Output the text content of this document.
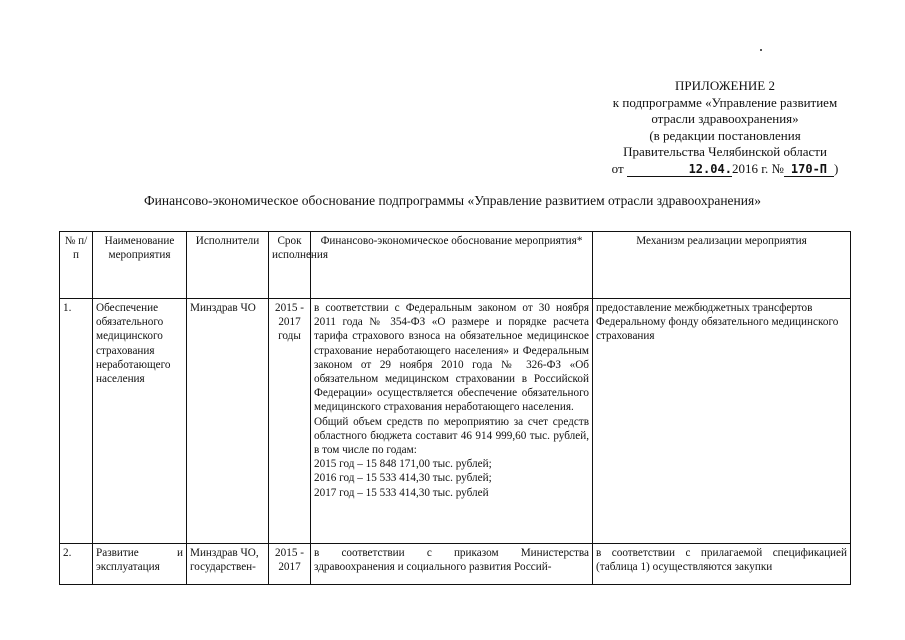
ПРИЛОЖЕНИЕ 2
к подпрограмме «Управление развитием
отрасли здравоохранения»
(в редакции постановления
Правительства Челябинской области
от	12.04.2016 г. № 170-П )
Финансово-экономическое обоснование подпрограммы «Управление развитием отрасли здравоохранения»
№ п/п	Наименование мероприятия	Исполнители	Срок исполнения	Финансово-экономическое обоснование мероприятия*	Механизм реализации мероприятия
1.	Обеспечение обязательного медицинского страхования неработающего населения	Минздрав ЧО	2015 - 2017 годы	в соответствии с Федеральным законом от 30 ноября 2011 года № 354-ФЗ «О размере и порядке расчета тарифа страхового взноса на обязательное медицинское страхование неработающего населения» и Федеральным законом от 29 ноября 2010 года № 326-ФЗ «Об обязательном медицинском страховании в Российской Федерации» осуществляется обеспечение обязательного медицинского страхования неработающего населения.
Общий объем средств по мероприятию за счет средств областного бюджета составит 46 914 999,60 тыс. рублей, в том числе по годам:
2015 год – 15 848 171,00 тыс. рублей;
2016 год – 15 533 414,30 тыс. рублей;
2017 год – 15 533 414,30 тыс. рублей	предоставление межбюджетных трансфертов Федеральному фонду обязательного медицинского страхования
2.	Развитие и эксплуатация	Минздрав ЧО, государствен-	2015 - 2017	в соответствии с приказом Министерства здравоохранения и социального развития Россий-	в соответствии с прилагаемой спецификацией (таблица 1) осуществляются закупки
